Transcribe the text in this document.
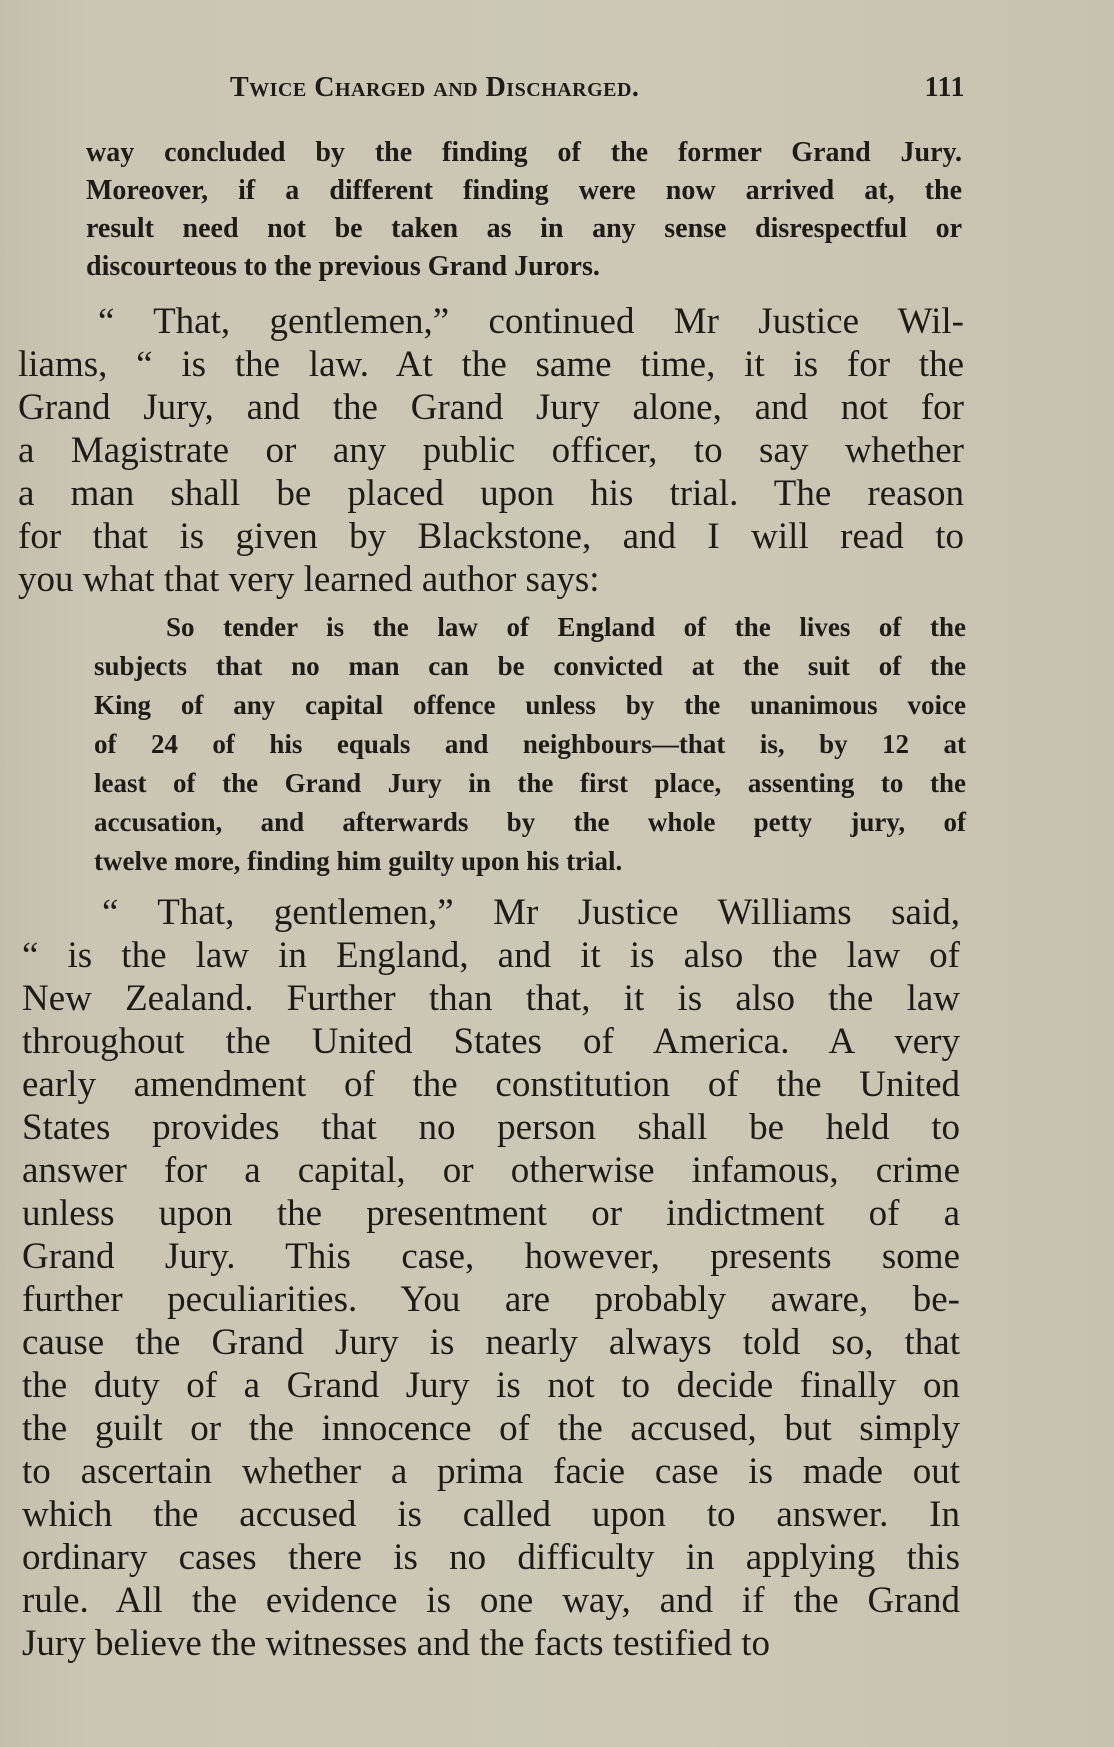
Twice Charged and Discharged.	111

way concluded by the finding of the former Grand Jury.
Moreover, if a different finding were now arrived at, the
result need not be taken as in any sense disrespectful or
discourteous to the previous Grand Jurors.

“ That, gentlemen,” continued Mr Justice Wil-
liams, “ is the law. At the same time, it is for the
Grand Jury, and the Grand Jury alone, and not for
a Magistrate or any public officer, to say whether
a man shall be placed upon his trial. The reason
for that is given by Blackstone, and I will read to
you what that very learned author says:

So tender is the law of England of the lives of the
subjects that no man can be convicted at the suit of the
King of any capital offence unless by the unanimous voice
of 24 of his equals and neighbours—that is, by 12 at
least of the Grand Jury in the first place, assenting to the
accusation, and afterwards by the whole petty jury, of
twelve more, finding him guilty upon his trial.

“ That, gentlemen,” Mr Justice Williams said,
“ is the law in England, and it is also the law of
New Zealand. Further than that, it is also the law
throughout the United States of America. A very
early amendment of the constitution of the United
States provides that no person shall be held to
answer for a capital, or otherwise infamous, crime
unless upon the presentment or indictment of a
Grand Jury. This case, however, presents some
further peculiarities. You are probably aware, be-
cause the Grand Jury is nearly always told so, that
the duty of a Grand Jury is not to decide finally on
the guilt or the innocence of the accused, but simply
to ascertain whether a prima facie case is made out
which the accused is called upon to answer. In
ordinary cases there is no difficulty in applying this
rule. All the evidence is one way, and if the Grand
Jury believe the witnesses and the facts testified to
